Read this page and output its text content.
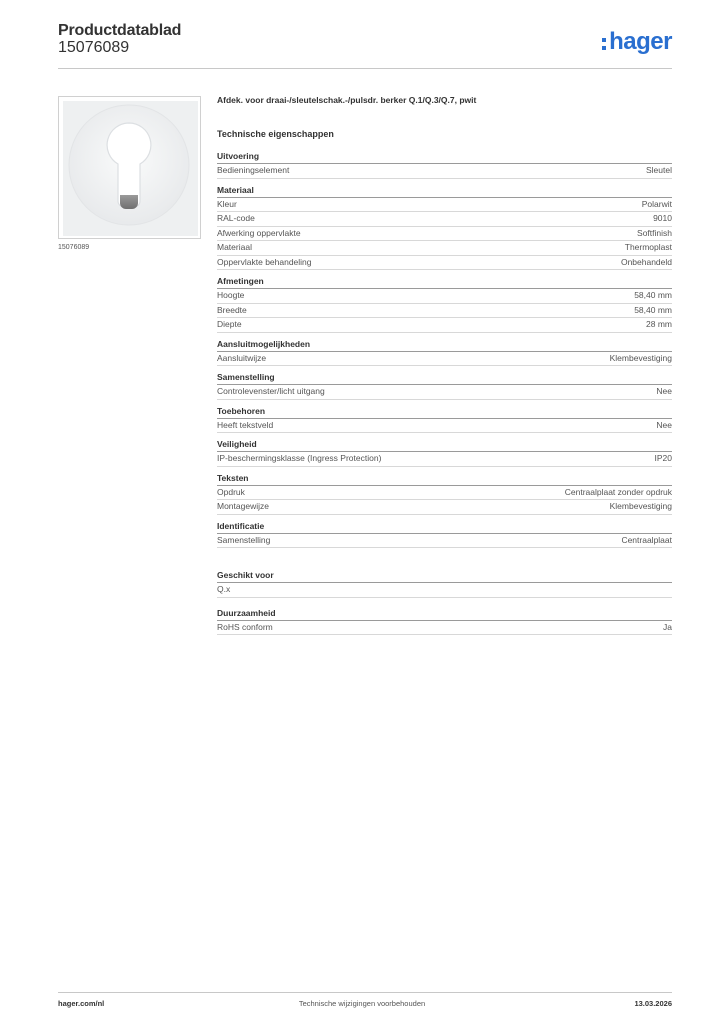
Productdatablad
15076089	hager
15076089
Afdek. voor draai-/sleutelschak.-/pulsdr. berker Q.1/Q.3/Q.7, pwit
Technische eigenschappen
Uitvoering
Bedieningselement	Sleutel
Materiaal
Kleur	Polarwit
RAL-code	9010
Afwerking oppervlakte	Softfinish
Materiaal	Thermoplast
Oppervlakte behandeling	Onbehandeld
Afmetingen
Hoogte	58,40 mm
Breedte	58,40 mm
Diepte	28 mm
Aansluitmogelijkheden
Aansluitwijze	Klembevestiging
Samenstelling
Controlevenster/licht uitgang	Nee
Toebehoren
Heeft tekstveld	Nee
Veiligheid
IP-beschermingsklasse (Ingress Protection)	IP20
Teksten
Opdruk	Centraalplaat zonder opdruk
Montagewijze	Klembevestiging
Identificatie
Samenstelling	Centraalplaat
Geschikt voor
Q.x
Duurzaamheid
RoHS conform	Ja
hager.com/nl	Technische wijzigingen voorbehouden	13.03.2026
